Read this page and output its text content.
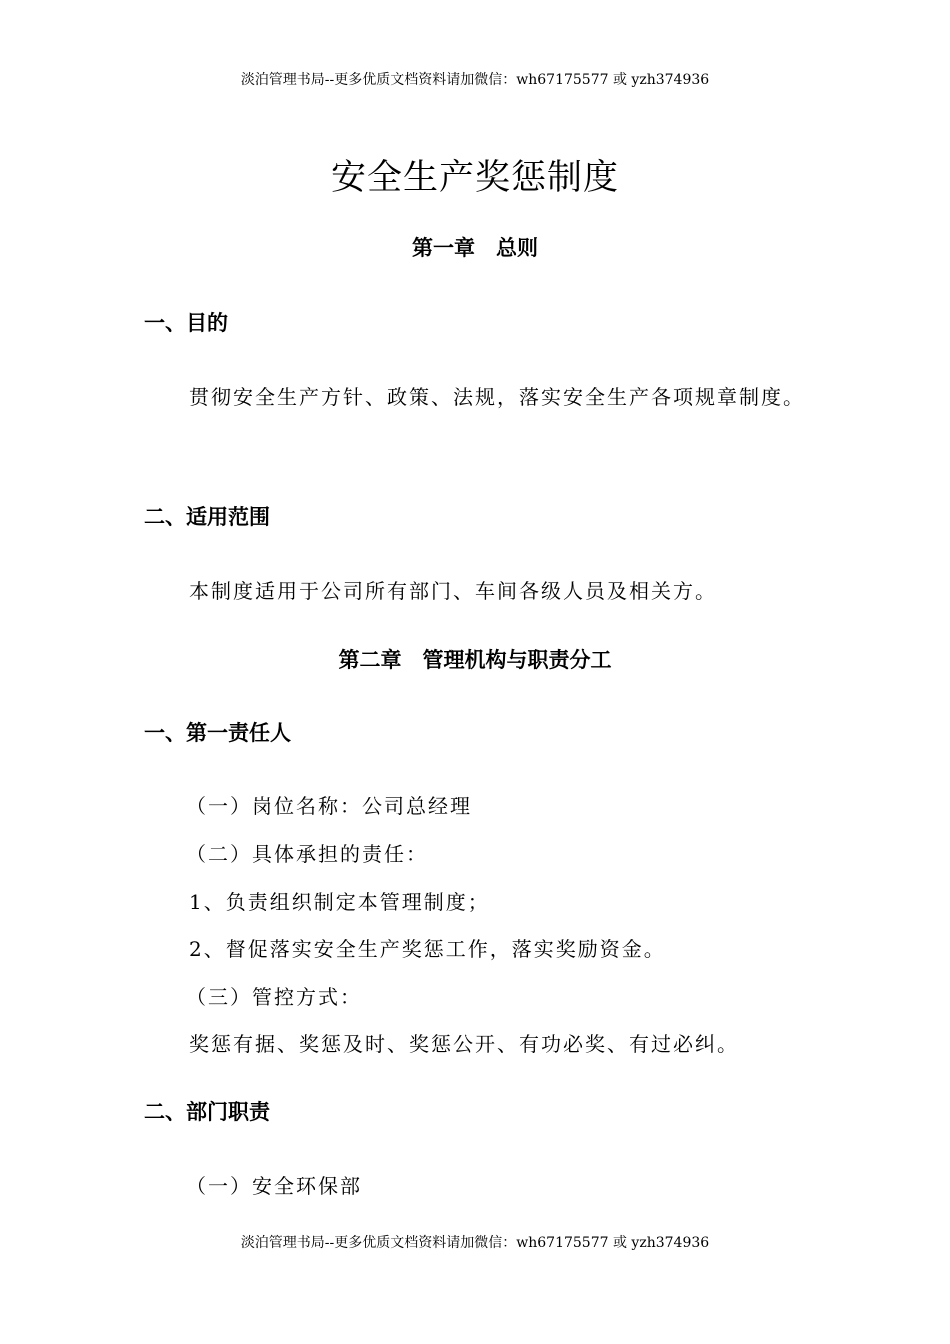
淡泊管理书局--更多优质文档资料请加微信：wh67175577 或 yzh374936
安全生产奖惩制度
第一章　总则
一、目的
贯彻安全生产方针、政策、法规，落实安全生产各项规章制度。
二、适用范围
本制度适用于公司所有部门、车间各级人员及相关方。
第二章　管理机构与职责分工
一、第一责任人
（一）岗位名称：公司总经理
（二）具体承担的责任：
1、负责组织制定本管理制度；
2、督促落实安全生产奖惩工作，落实奖励资金。
（三）管控方式：
奖惩有据、奖惩及时、奖惩公开、有功必奖、有过必纠。
二、部门职责
（一）安全环保部
淡泊管理书局--更多优质文档资料请加微信：wh67175577 或 yzh374936
